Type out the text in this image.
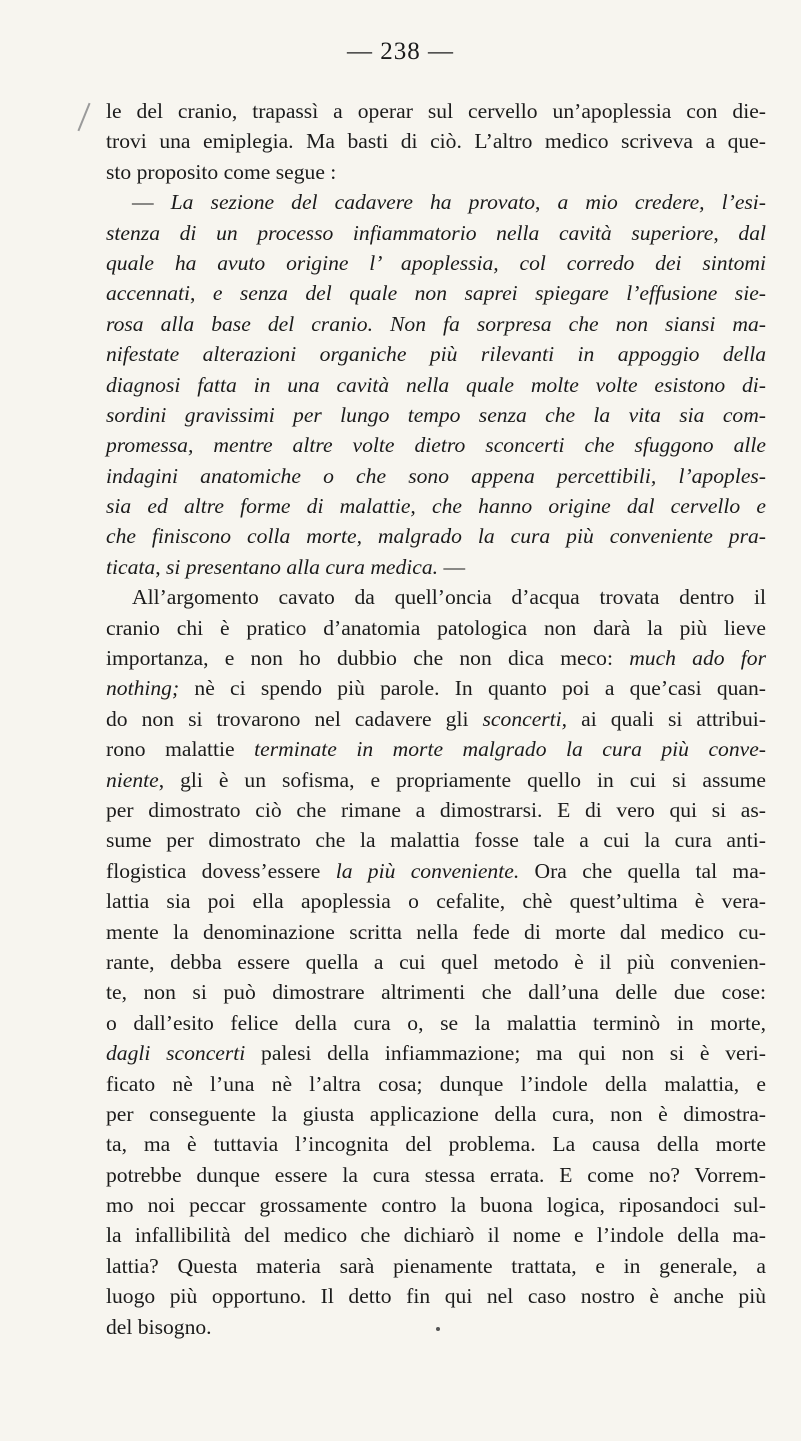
— 238 —
le del cranio, trapassì a operar sul cervello un’apoplessia con die-
trovi una emiplegia. Ma basti di ciò. L’altro medico scriveva a que-
sto proposito come segue :
— La sezione del cadavere ha provato, a mio credere, l’esi-
stenza di un processo infiammatorio nella cavità superiore, dal
quale ha avuto origine l’ apoplessia, col corredo dei sintomi
accennati, e senza del quale non saprei spiegare l’effusione sie-
rosa alla base del cranio. Non fa sorpresa che non siansi ma-
nifestate alterazioni organiche più rilevanti in appoggio della
diagnosi fatta in una cavità nella quale molte volte esistono di-
sordini gravissimi per lungo tempo senza che la vita sia com-
promessa, mentre altre volte dietro sconcerti che sfuggono alle
indagini anatomiche o che sono appena percettibili, l’apoples-
sia ed altre forme di malattie, che hanno origine dal cervello e
che finiscono colla morte, malgrado la cura più conveniente pra-
ticata, si presentano alla cura medica. —
All’argomento cavato da quell’oncia d’acqua trovata dentro il
cranio chi è pratico d’anatomia patologica non darà la più lieve
importanza, e non ho dubbio che non dica meco: much ado for
nothing; nè ci spendo più parole. In quanto poi a que’casi quan-
do non si trovarono nel cadavere gli sconcerti, ai quali si attribui-
rono malattie terminate in morte malgrado la cura più conve-
niente, gli è un sofisma, e propriamente quello in cui si assume
per dimostrato ciò che rimane a dimostrarsi. E di vero qui si as-
sume per dimostrato che la malattia fosse tale a cui la cura anti-
flogistica dovess’essere la più conveniente. Ora che quella tal ma-
lattia sia poi ella apoplessia o cefalite, chè quest’ultima è vera-
mente la denominazione scritta nella fede di morte dal medico cu-
rante, debba essere quella a cui quel metodo è il più convenien-
te, non si può dimostrare altrimenti che dall’una delle due cose:
o dall’esito felice della cura o, se la malattia terminò in morte,
dagli sconcerti palesi della infiammazione; ma qui non si è veri-
ficato nè l’una nè l’altra cosa; dunque l’indole della malattia, e
per conseguente la giusta applicazione della cura, non è dimostra-
ta, ma è tuttavia l’incognita del problema. La causa della morte
potrebbe dunque essere la cura stessa errata. E come no? Vorrem-
mo noi peccar grossamente contro la buona logica, riposandoci sul-
la infallibilità del medico che dichiarò il nome e l’indole della ma-
lattia? Questa materia sarà pienamente trattata, e in generale, a
luogo più opportuno. Il detto fin qui nel caso nostro è anche più
del bisogno.
